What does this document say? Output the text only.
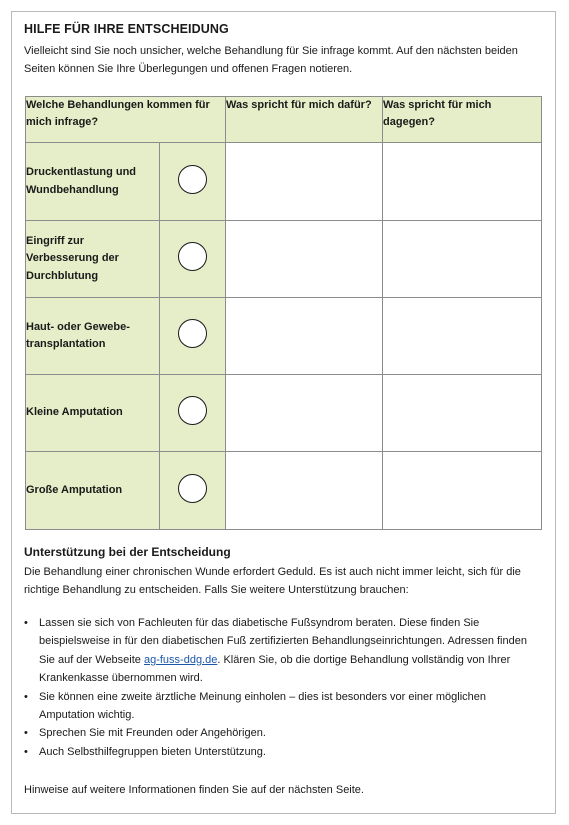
HILFE FÜR IHRE ENTSCHEIDUNG
Vielleicht sind Sie noch unsicher, welche Behandlung für Sie infrage kommt. Auf den nächsten beiden Seiten können Sie Ihre Überlegungen und offenen Fragen notieren.
Welche Behandlungen kommen für mich infrage?		Was spricht für mich dafür?	Was spricht für mich dagegen?
Druckentlastung und Wundbehandlung			
Eingriff zur Verbesserung der Durchblutung			
Haut- oder Gewebe- transplantation			
Kleine Amputation			
Große Amputation			
Unterstützung bei der Entscheidung
Die Behandlung einer chronischen Wunde erfordert Geduld. Es ist auch nicht immer leicht, sich für die richtige Behandlung zu entscheiden. Falls Sie weitere Unterstützung brauchen:
• Lassen sie sich von Fachleuten für das diabetische Fußsyndrom beraten. Diese finden Sie beispielsweise in für den diabetischen Fuß zertifizierten Behandlungseinrichtungen. Adressen finden Sie auf der Webseite ag-fuss-ddg.de. Klären Sie, ob die dortige Behandlung vollständig von Ihrer Krankenkasse übernommen wird.
• Sie können eine zweite ärztliche Meinung einholen – dies ist besonders vor einer möglichen Amputation wichtig.
• Sprechen Sie mit Freunden oder Angehörigen.
• Auch Selbsthilfegruppen bieten Unterstützung.
Hinweise auf weitere Informationen finden Sie auf der nächsten Seite.
